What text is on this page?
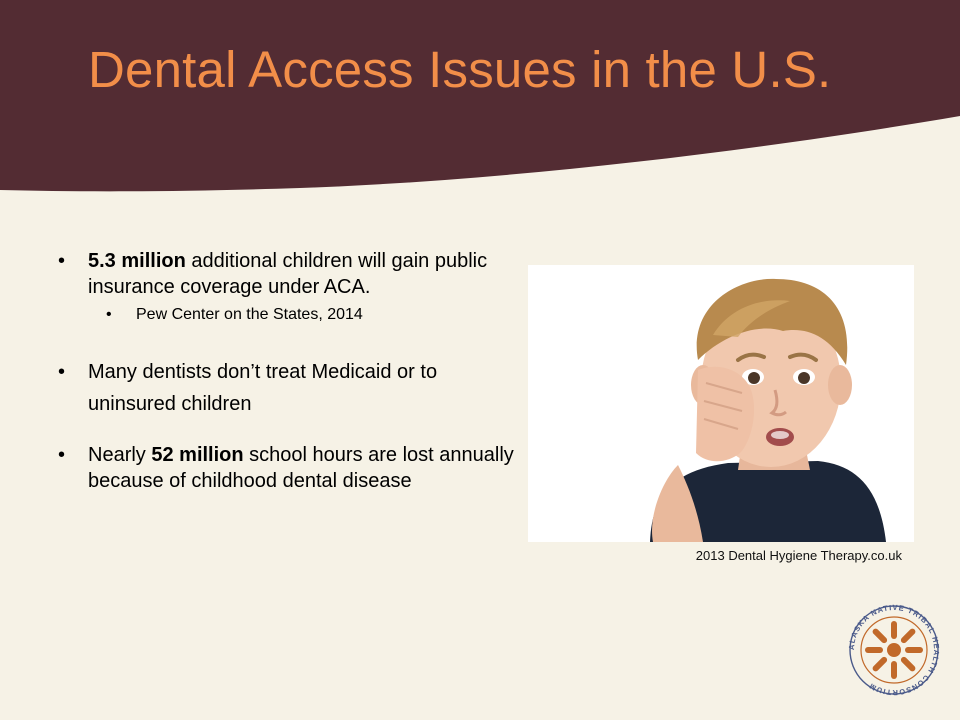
Dental Access Issues in the U.S.
• 5.3 million additional children will gain public insurance coverage under ACA.
• Pew Center on the States, 2014
• Many dentists don’t treat Medicaid or to uninsured children
• Nearly 52 million school hours are lost annually because of childhood dental disease
2013 Dental Hygiene Therapy.co.uk
ALASKA NATIVE TRIBAL HEALTH CONSORTIUM
